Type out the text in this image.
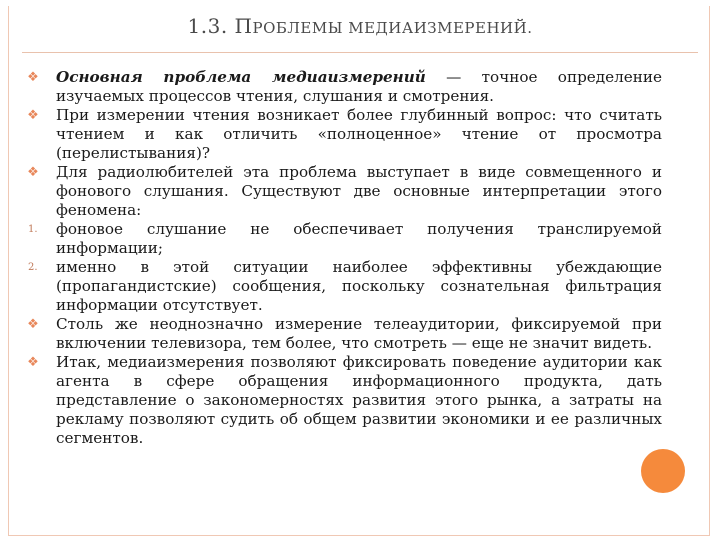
1.3. ПРОБЛЕМЫ МЕДИАИЗМЕРЕНИЙ.
❖ Основная проблема медиаизмерений — точное определение изучаемых процессов чтения, слушания и смотрения.

❖ При измерении чтения возникает более глубинный вопрос: что считать чтением и как отличить «полноценное» чтение от просмотра (перелистывания)?

❖ Для радиолюбителей эта проблема выступает в виде совмещенного и фонового слушания. Существуют две основные интерпретации этого феномена:

1.	фоновое слушание не обеспечивает получения транслируемой информации;

2.	именно в этой ситуации наиболее эффективны убеждающие (пропагандистские) сообщения, поскольку сознательная фильтрация информации отсутствует.

❖ Столь же неоднозначно измерение телеаудитории, фиксируемой при включении телевизора, тем более, что смотреть — еще не значит видеть.

❖ Итак, медиаизмерения позволяют фиксировать поведение аудитории как агента в сфере обращения информационного продукта, дать представление о закономерностях развития этого рынка, а затраты на рекламу позволяют судить об общем развитии экономики и ее различных сегментов.
